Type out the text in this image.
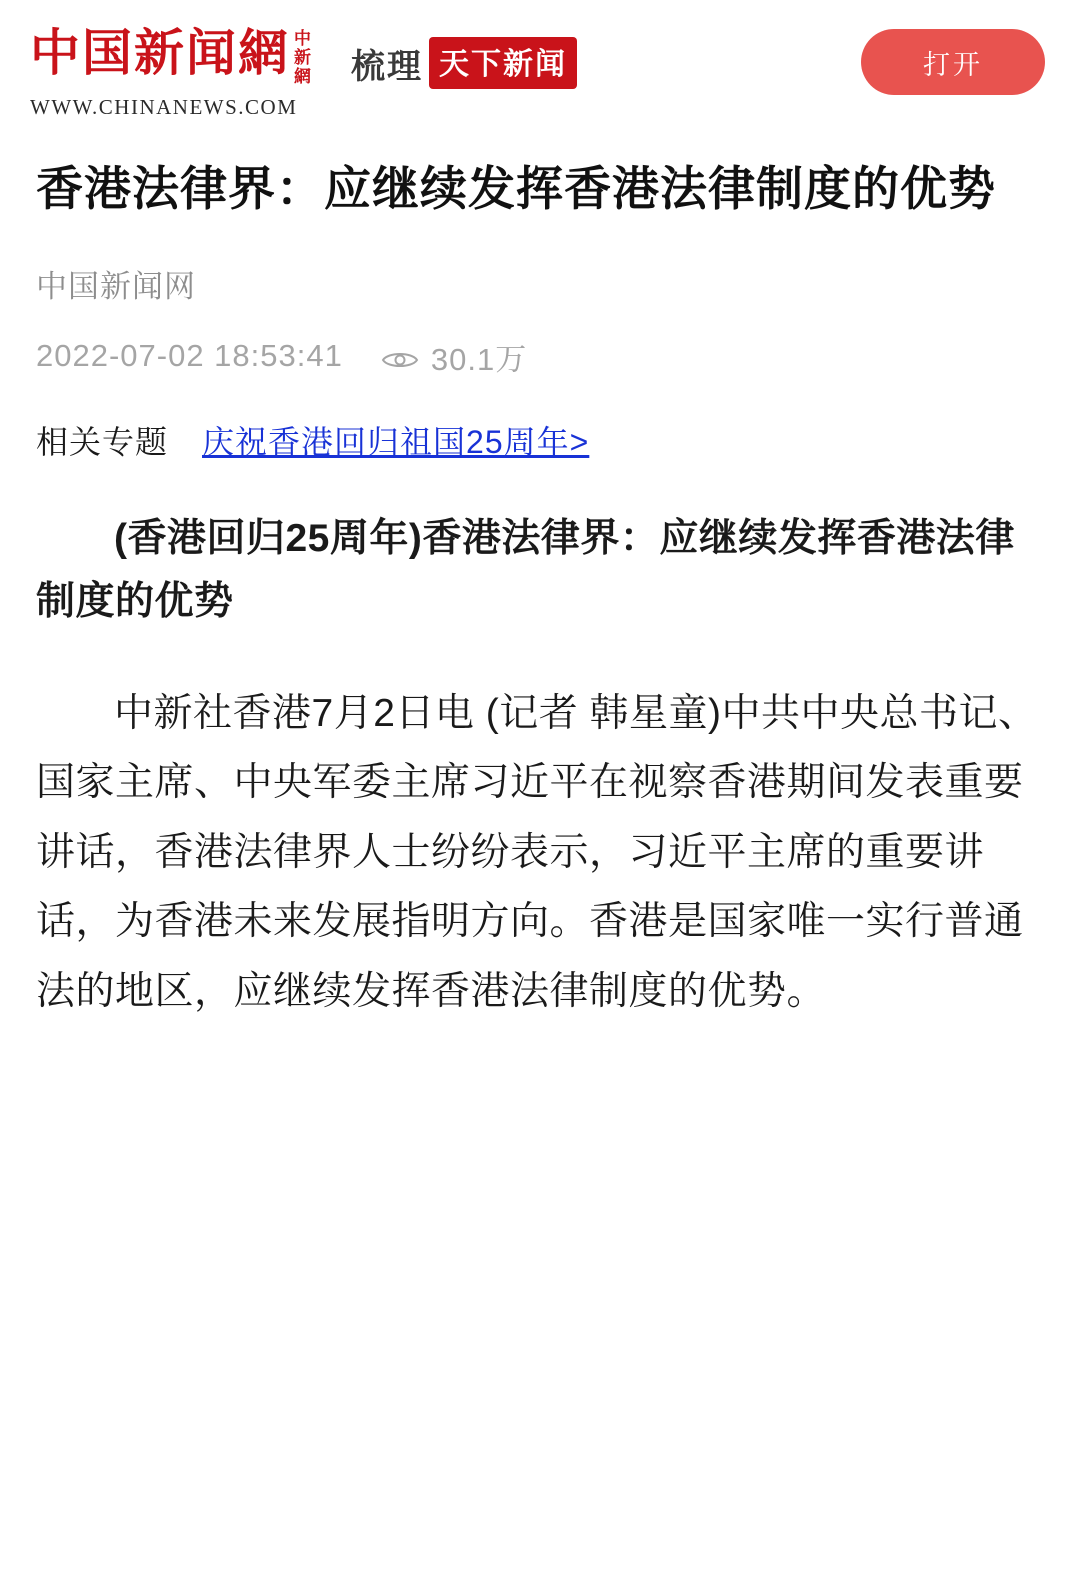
中国新闻網 中
新
網
WWW.CHINANEWS.COM
梳理 天下新闻	打开
香港法律界：应继续发挥香港法律制度的优势
中国新闻网
2022-07-02 18:53:41	30.1万
相关专题 庆祝香港回归祖国25周年>
(香港回归25周年)香港法律界：应继续发挥香港法律制度的优势

中新社香港7月2日电 (记者 韩星童)中共中央总书记、国家主席、中央军委主席习近平在视察香港期间发表重要讲话，香港法律界人士纷纷表示，习近平主席的重要讲话，为香港未来发展指明方向。香港是国家唯一实行普通法的地区，应继续发挥香港法律制度的优势。
